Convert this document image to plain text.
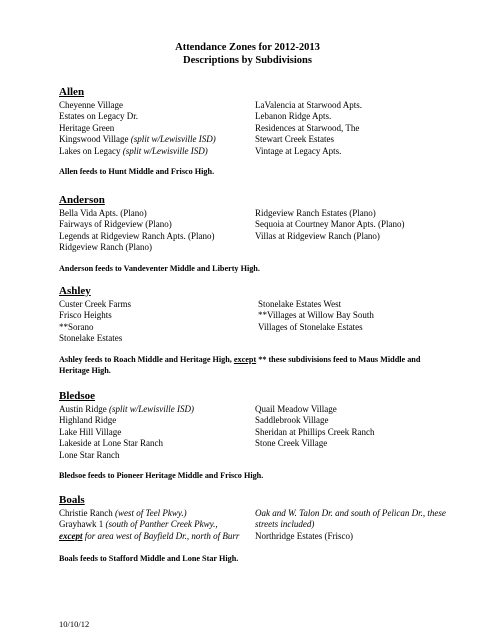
Attendance Zones for 2012-2013
Descriptions by Subdivisions
Allen
Cheyenne Village
Estates on Legacy Dr.
Heritage Green
Kingswood Village (split w/Lewisville ISD)
Lakes on Legacy (split w/Lewisville ISD)
LaValencia at Starwood Apts.
Lebanon Ridge Apts.
Residences at Starwood, The
Stewart Creek Estates
Vintage at Legacy Apts.
Allen feeds to Hunt Middle and Frisco High.
Anderson
Bella Vida Apts. (Plano)
Fairways of Ridgeview (Plano)
Legends at Ridgeview Ranch Apts. (Plano)
Ridgeview Ranch (Plano)
Ridgeview Ranch Estates (Plano)
Sequoia at Courtney Manor Apts. (Plano)
Villas at Ridgeview Ranch (Plano)
Anderson feeds to Vandeventer Middle and Liberty High.
Ashley
Custer Creek Farms
Frisco Heights
**Sorano
Stonelake Estates
Stonelake Estates West
**Villages at Willow Bay South
Villages of Stonelake Estates
Ashley feeds to Roach Middle and Heritage High, except ** these subdivisions feed to Maus Middle and Heritage High.
Bledsoe
Austin Ridge (split w/Lewisville ISD)
Highland Ridge
Lake Hill Village
Lakeside at Lone Star Ranch
Lone Star Ranch
Quail Meadow Village
Saddlebrook Village
Sheridan at Phillips Creek Ranch
Stone Creek Village
Bledsoe feeds to Pioneer Heritage Middle and Frisco High.
Boals
Christie Ranch (west of Teel Pkwy.)
Grayhawk 1 (south of Panther Creek Pkwy.,
except for area west of Bayfield Dr., north of Burr
Oak and W. Talon Dr. and south of Pelican Dr., these
streets included)
Northridge Estates (Frisco)
Boals feeds to Stafford Middle and Lone Star High.
10/10/12
